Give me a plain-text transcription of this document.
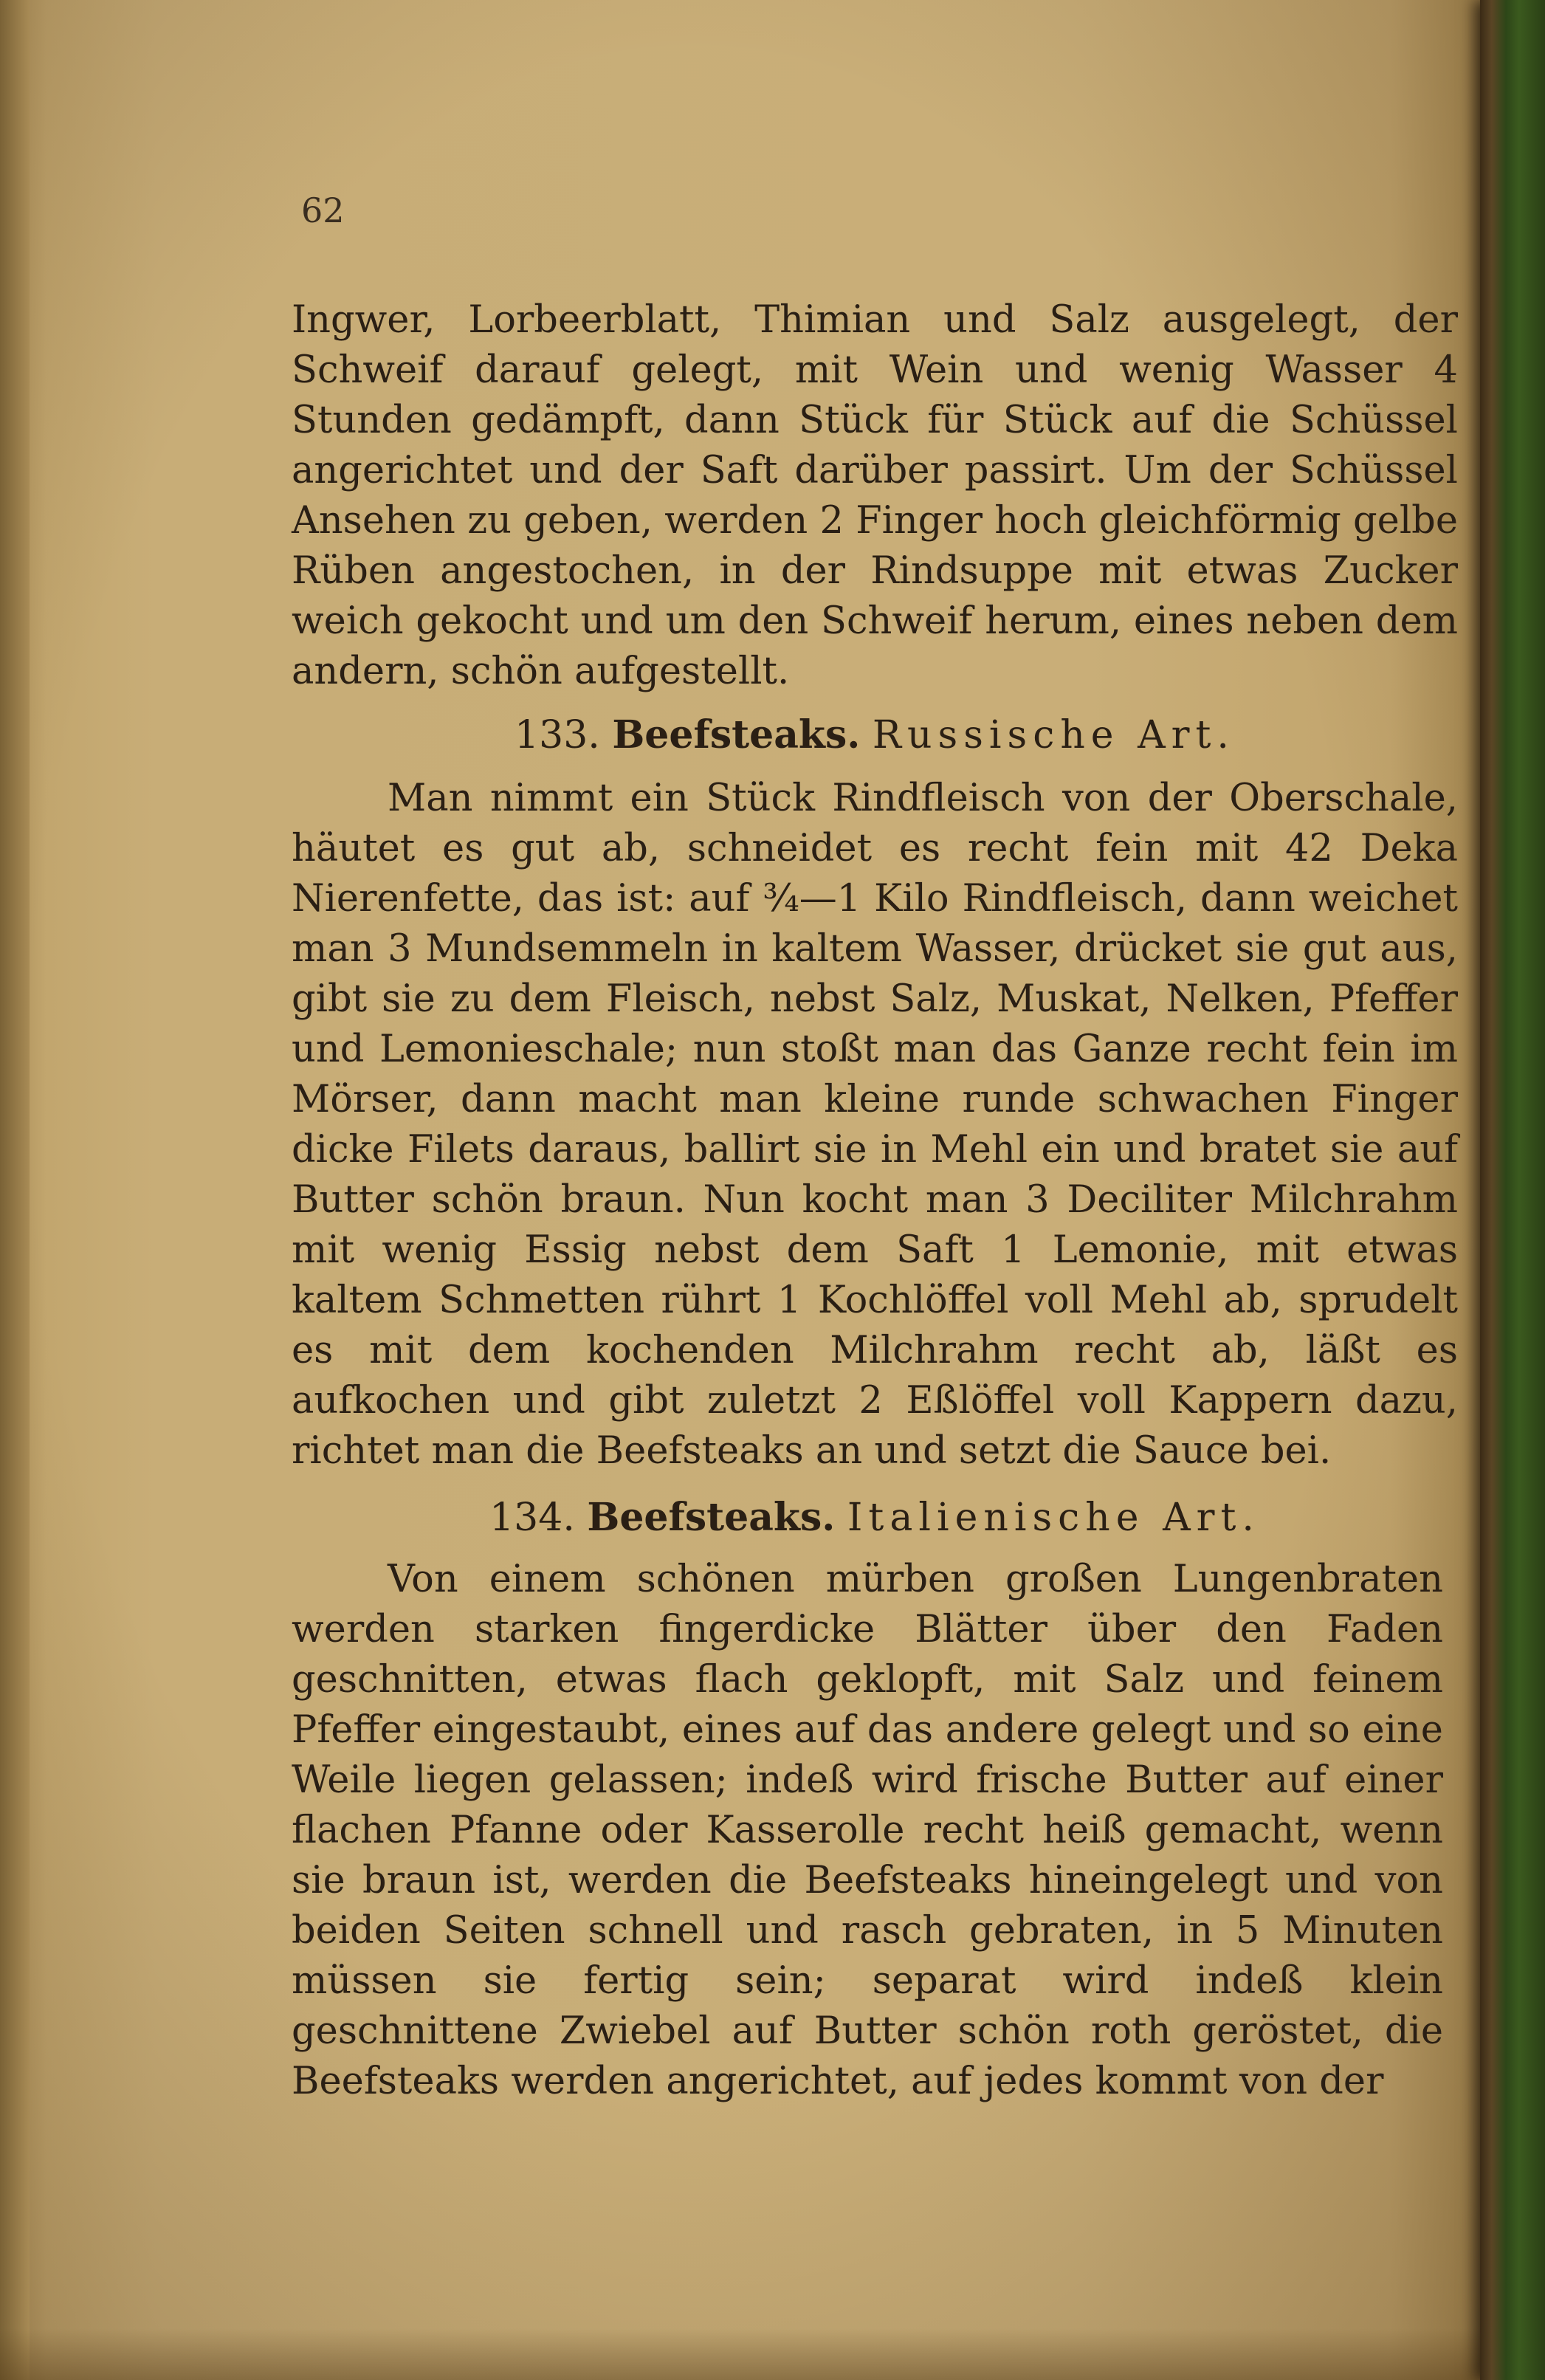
62

Ingwer, Lorbeerblatt, Thimian und Salz ausgelegt, der Schweif darauf gelegt, mit Wein und wenig Wasser 4 Stunden gedämpft, dann Stück für Stück auf die Schüssel angerichtet und der Saft darüber passirt. Um der Schüssel Ansehen zu geben, werden 2 Finger hoch gleichförmig gelbe Rüben angestochen, in der Rindsuppe mit etwas Zucker weich gekocht und um den Schweif herum, eines neben dem andern, schön aufgestellt.

133. Beefsteaks. Russische Art.

Man nimmt ein Stück Rindfleisch von der Oberschale, häutet es gut ab, schneidet es recht fein mit 42 Deka Nierenfette, das ist: auf ¾—1 Kilo Rindfleisch, dann weichet man 3 Mundsemmeln in kaltem Wasser, drücket sie gut aus, gibt sie zu dem Fleisch, nebst Salz, Muskat, Nelken, Pfeffer und Lemonieschale; nun stoßt man das Ganze recht fein im Mörser, dann macht man kleine runde schwachen Finger dicke Filets daraus, ballirt sie in Mehl ein und bratet sie auf Butter schön braun. Nun kocht man 3 Deciliter Milchrahm mit wenig Essig nebst dem Saft 1 Lemonie, mit etwas kaltem Schmetten rührt 1 Kochlöffel voll Mehl ab, sprudelt es mit dem kochenden Milchrahm recht ab, läßt es aufkochen und gibt zuletzt 2 Eßlöffel voll Kappern dazu, richtet man die Beefsteaks an und setzt die Sauce bei.

134. Beefsteaks. Italienische Art.

Von einem schönen mürben großen Lungenbraten werden starken fingerdicke Blätter über den Faden geschnitten, etwas flach geklopft, mit Salz und feinem Pfeffer eingestaubt, eines auf das andere gelegt und so eine Weile liegen gelassen; indeß wird frische Butter auf einer flachen Pfanne oder Kasserolle recht heiß gemacht, wenn sie braun ist, werden die Beefsteaks hineingelegt und von beiden Seiten schnell und rasch gebraten, in 5 Minuten müssen sie fertig sein; separat wird indeß klein geschnittene Zwiebel auf Butter schön roth geröstet, die Beefsteaks werden angerichtet, auf jedes kommt von der
